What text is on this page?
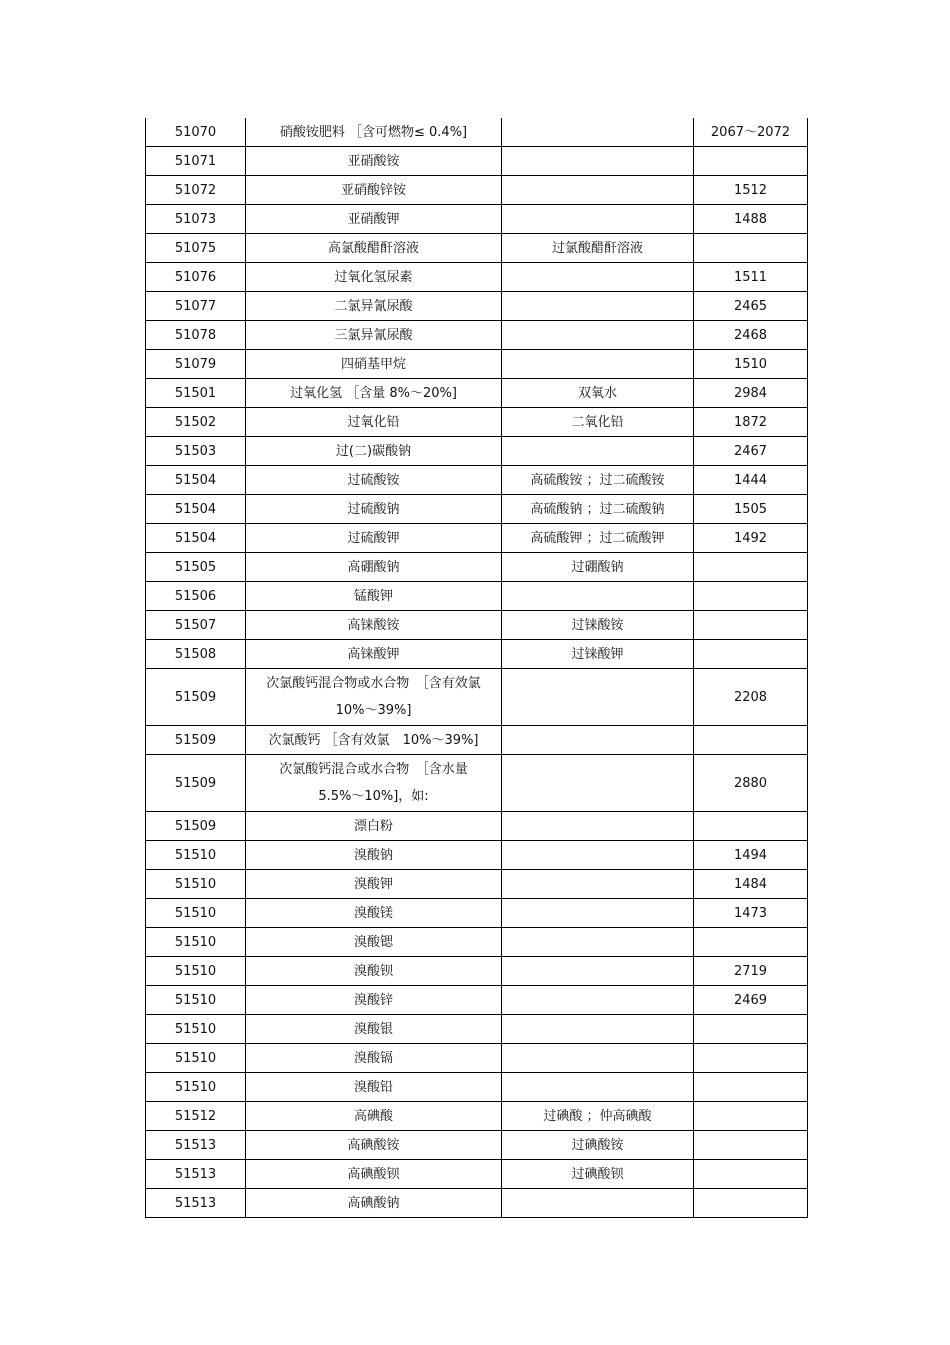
51070	硝酸铵肥料 ［含可燃物≤ 0.4%]		2067～2072
51071	亚硝酸铵		
51072	亚硝酸锌铵		1512
51073	亚硝酸钾		1488
51075	高氯酸醋酐溶液	过氯酸醋酐溶液	
51076	过氧化氢尿素		1511
51077	二氯异氰尿酸		2465
51078	三氯异氰尿酸		2468
51079	四硝基甲烷		1510
51501	过氧化氢 ［含量 8%～20%]	双氧水	2984
51502	过氧化铅	二氧化铅	1872
51503	过(二)碳酸钠		2467
51504	过硫酸铵	高硫酸铵 ；过二硫酸铵	1444
51504	过硫酸钠	高硫酸钠 ；过二硫酸钠	1505
51504	过硫酸钾	高硫酸钾 ；过二硫酸钾	1492
51505	高硼酸钠	过硼酸钠	
51506	锰酸钾		
51507	高铼酸铵	过铼酸铵	
51508	高铼酸钾	过铼酸钾	
51509	次氯酸钙混合物或水合物　［含有效氯
10%～39%]		2208
51509	次氯酸钙 ［含有效氯　10%～39%]		
51509	次氯酸钙混合或水合物　［含水量
5.5%～10%]，如:		2880
51509	漂白粉		
51510	溴酸钠		1494
51510	溴酸钾		1484
51510	溴酸镁		1473
51510	溴酸锶		
51510	溴酸钡		2719
51510	溴酸锌		2469
51510	溴酸银		
51510	溴酸镉		
51510	溴酸铅		
51512	高碘酸	过碘酸 ；仲高碘酸	
51513	高碘酸铵	过碘酸铵	
51513	高碘酸钡	过碘酸钡	
51513	高碘酸钠		
